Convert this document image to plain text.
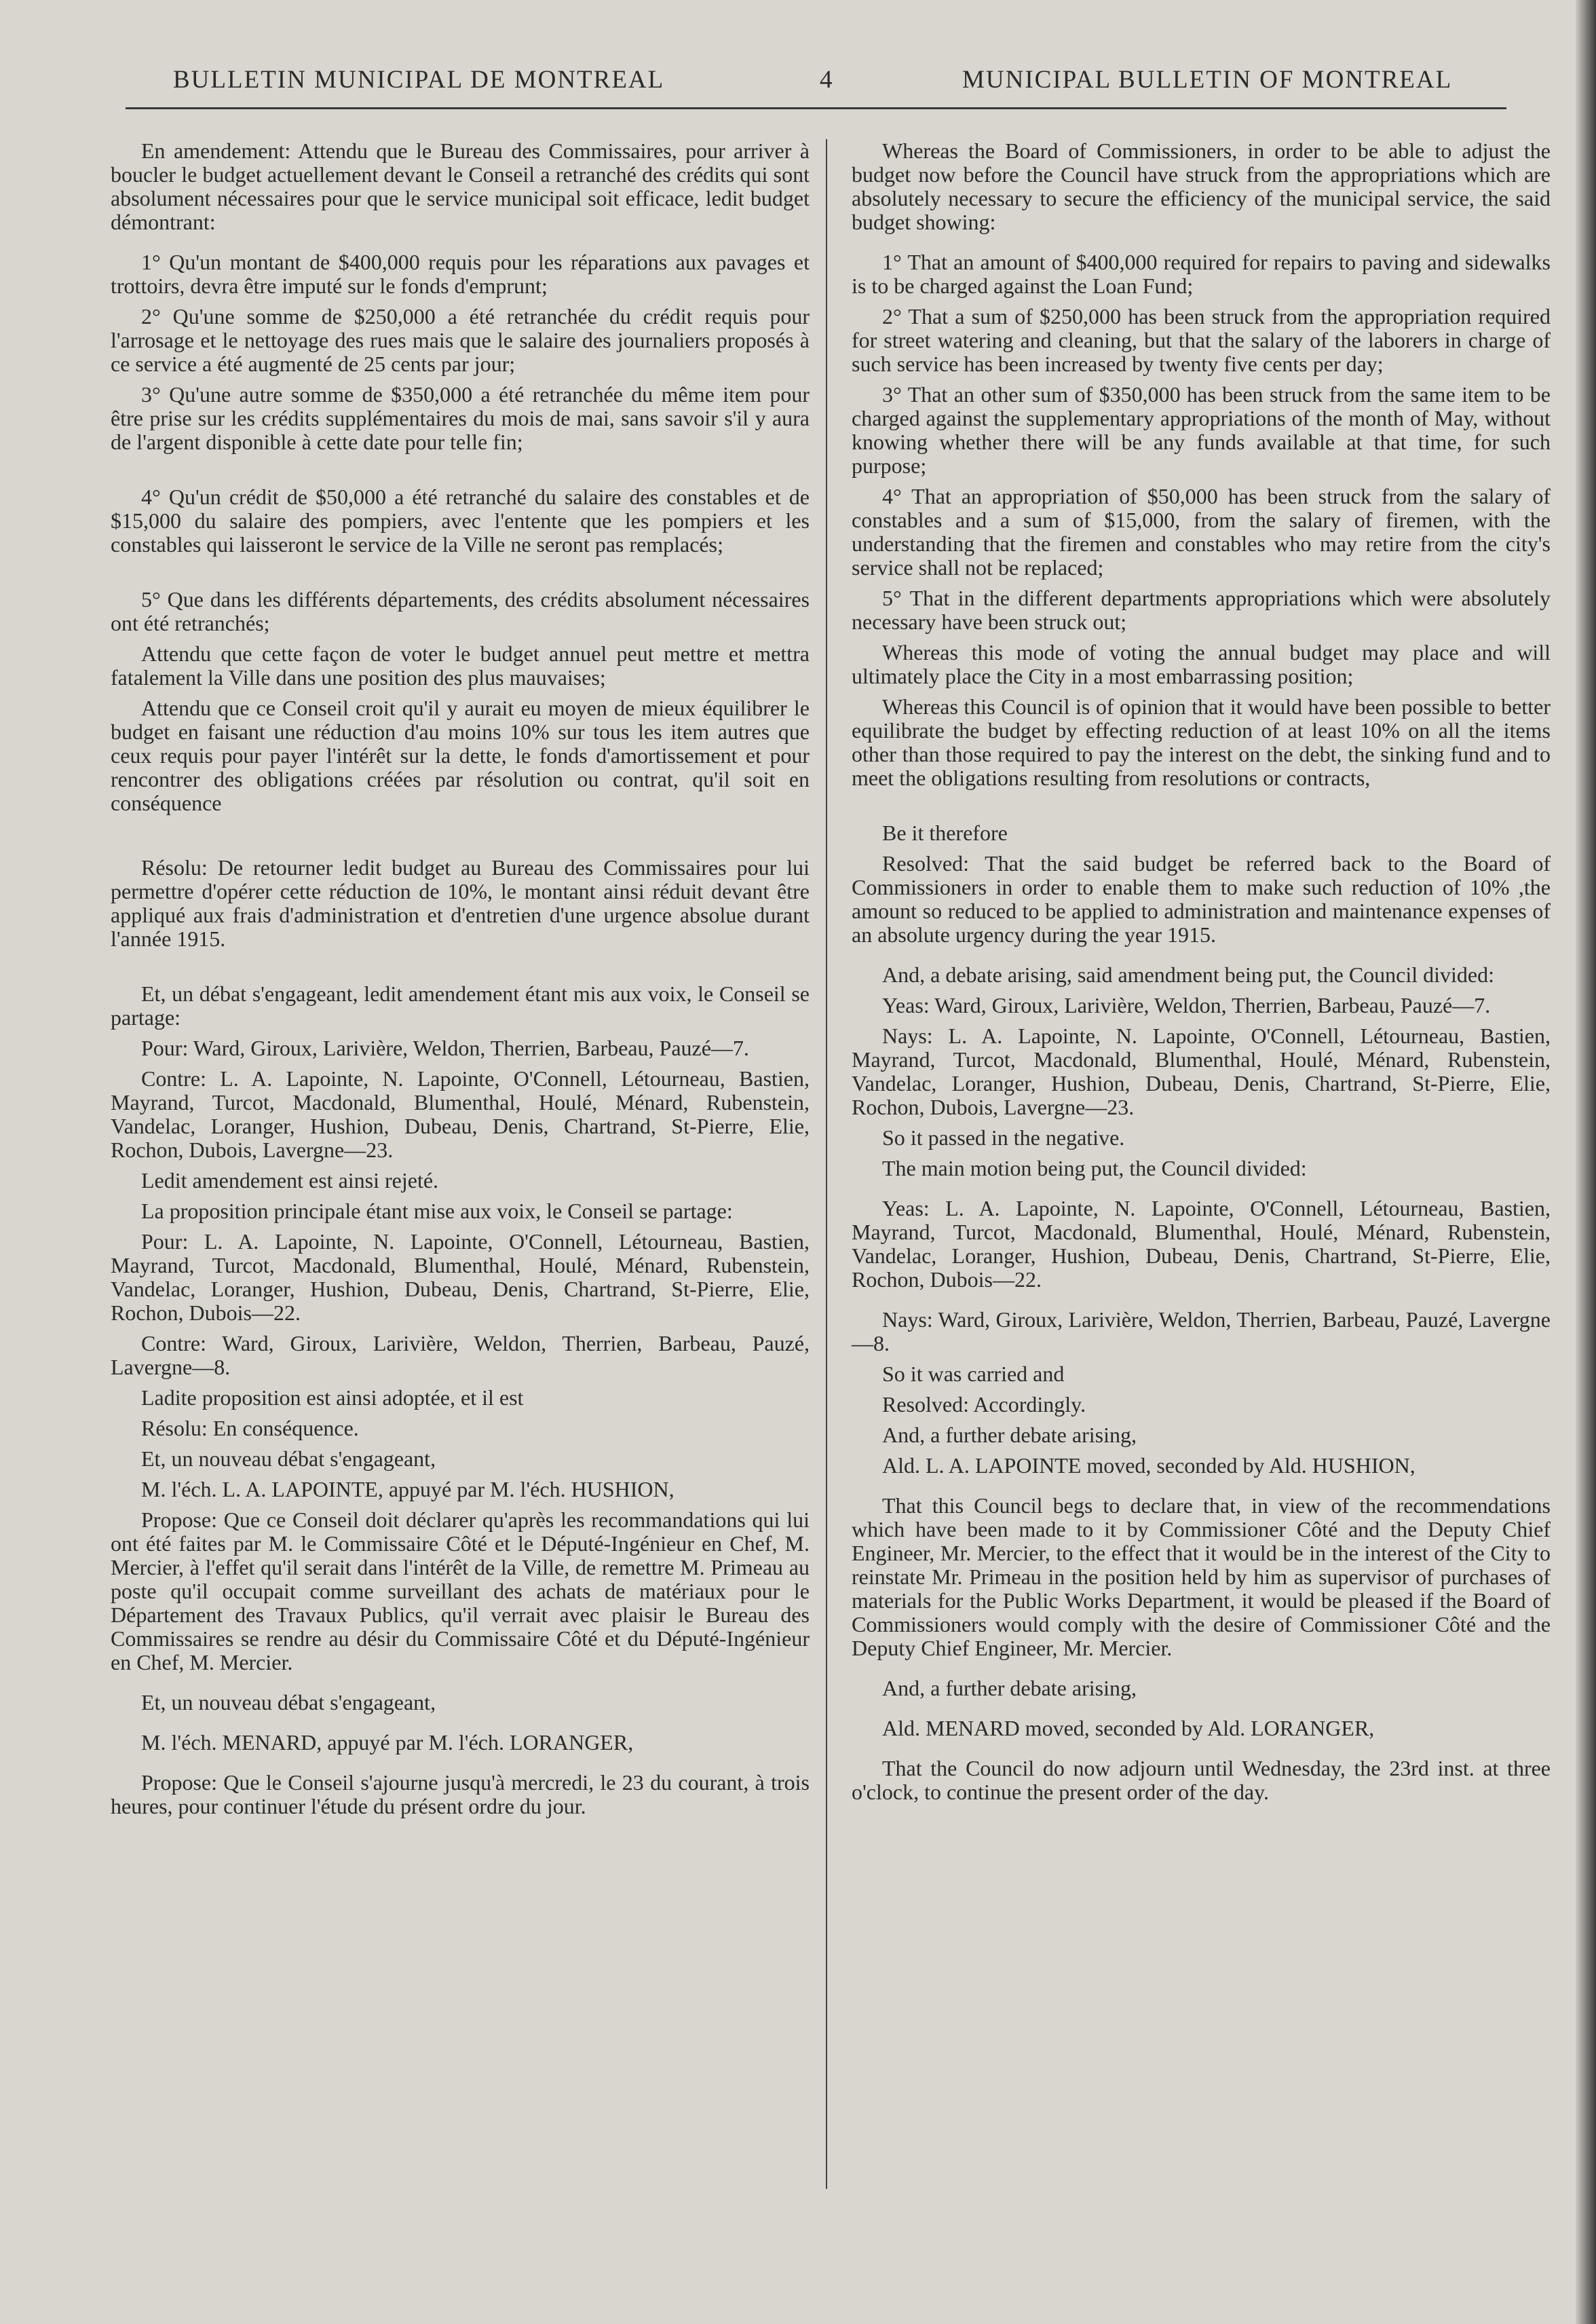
BULLETIN MUNICIPAL DE MONTREAL	4	MUNICIPAL BULLETIN OF MONTREAL

En amendement: Attendu que le Bureau des Commissaires, pour arriver à boucler le budget actuellement devant le Conseil a retranché des crédits qui sont absolument nécessaires pour que le service municipal soit efficace, ledit budget démontrant:

1° Qu'un montant de $400,000 requis pour les réparations aux pavages et trottoirs, devra être imputé sur le fonds d'emprunt;

2° Qu'une somme de $250,000 a été retranchée du crédit requis pour l'arrosage et le nettoyage des rues mais que le salaire des journaliers proposés à ce service a été augmenté de 25 cents par jour;

3° Qu'une autre somme de $350,000 a été retranchée du même item pour être prise sur les crédits supplémentaires du mois de mai, sans savoir s'il y aura de l'argent disponible à cette date pour telle fin;

4° Qu'un crédit de $50,000 a été retranché du salaire des constables et de $15,000 du salaire des pompiers, avec l'entente que les pompiers et les constables qui laisseront le service de la Ville ne seront pas remplacés;

5° Que dans les différents départements, des crédits absolument nécessaires ont été retranchés;

Attendu que cette façon de voter le budget annuel peut mettre et mettra fatalement la Ville dans une position des plus mauvaises;

Attendu que ce Conseil croit qu'il y aurait eu moyen de mieux équilibrer le budget en faisant une réduction d'au moins 10% sur tous les item autres que ceux requis pour payer l'intérêt sur la dette, le fonds d'amortissement et pour rencontrer des obligations créées par résolution ou contrat, qu'il soit en conséquence

Résolu: De retourner ledit budget au Bureau des Commissaires pour lui permettre d'opérer cette réduction de 10%, le montant ainsi réduit devant être appliqué aux frais d'administration et d'entretien d'une urgence absolue durant l'année 1915.

Et, un débat s'engageant, ledit amendement étant mis aux voix, le Conseil se partage:

Pour: Ward, Giroux, Larivière, Weldon, Therrien, Barbeau, Pauzé—7.

Contre: L. A. Lapointe, N. Lapointe, O'Connell, Létourneau, Bastien, Mayrand, Turcot, Macdonald, Blumenthal, Houlé, Ménard, Rubenstein, Vandelac, Loranger, Hushion, Dubeau, Denis, Chartrand, St-Pierre, Elie, Rochon, Dubois, Lavergne—23.

Ledit amendement est ainsi rejeté.

La proposition principale étant mise aux voix, le Conseil se partage:

Pour: L. A. Lapointe, N. Lapointe, O'Connell, Létourneau, Bastien, Mayrand, Turcot, Macdonald, Blumenthal, Houlé, Ménard, Rubenstein, Vandelac, Loranger, Hushion, Dubeau, Denis, Chartrand, St-Pierre, Elie, Rochon, Dubois—22.

Contre: Ward, Giroux, Larivière, Weldon, Therrien, Barbeau, Pauzé, Lavergne—8.

Ladite proposition est ainsi adoptée, et il est

Résolu: En conséquence.

Et, un nouveau débat s'engageant,

M. l'éch. L. A. LAPOINTE, appuyé par M. l'éch. HUSHION,

Propose: Que ce Conseil doit déclarer qu'après les recommandations qui lui ont été faites par M. le Commissaire Côté et le Député-Ingénieur en Chef, M. Mercier, à l'effet qu'il serait dans l'intérêt de la Ville, de remettre M. Primeau au poste qu'il occupait comme surveillant des achats de matériaux pour le Département des Travaux Publics, qu'il verrait avec plaisir le Bureau des Commissaires se rendre au désir du Commissaire Côté et du Député-Ingénieur en Chef, M. Mercier.

Et, un nouveau débat s'engageant,

M. l'éch. MENARD, appuyé par M. l'éch. LORANGER,

Propose: Que le Conseil s'ajourne jusqu'à mercredi, le 23 du courant, à trois heures, pour continuer l'étude du présent ordre du jour.

Whereas the Board of Commissioners, in order to be able to adjust the budget now before the Council have struck from the appropriations which are absolutely necessary to secure the efficiency of the municipal service, the said budget showing:

1° That an amount of $400,000 required for repairs to paving and sidewalks is to be charged against the Loan Fund;

2° That a sum of $250,000 has been struck from the appropriation required for street watering and cleaning, but that the salary of the laborers in charge of such service has been increased by twenty five cents per day;

3° That an other sum of $350,000 has been struck from the same item to be charged against the supplementary appropriations of the month of May, without knowing whether there will be any funds available at that time, for such purpose;

4° That an appropriation of $50,000 has been struck from the salary of constables and a sum of $15,000, from the salary of firemen, with the understanding that the firemen and constables who may retire from the city's service shall not be replaced;

5° That in the different departments appropriations which were absolutely necessary have been struck out;

Whereas this mode of voting the annual budget may place and will ultimately place the City in a most embarrassing position;

Whereas this Council is of opinion that it would have been possible to better equilibrate the budget by effecting reduction of at least 10% on all the items other than those required to pay the interest on the debt, the sinking fund and to meet the obligations resulting from resolutions or contracts,

Be it therefore

Resolved: That the said budget be referred back to the Board of Commissioners in order to enable them to make such reduction of 10% ,the amount so reduced to be applied to administration and maintenance expenses of an absolute urgency during the year 1915.

And, a debate arising, said amendment being put, the Council divided:

Yeas: Ward, Giroux, Larivière, Weldon, Therrien, Barbeau, Pauzé—7.

Nays: L. A. Lapointe, N. Lapointe, O'Connell, Létourneau, Bastien, Mayrand, Turcot, Macdonald, Blumenthal, Houlé, Ménard, Rubenstein, Vandelac, Loranger, Hushion, Dubeau, Denis, Chartrand, St-Pierre, Elie, Rochon, Dubois, Lavergne—23.

So it passed in the negative.

The main motion being put, the Council divided:

Yeas: L. A. Lapointe, N. Lapointe, O'Connell, Létourneau, Bastien, Mayrand, Turcot, Macdonald, Blumenthal, Houlé, Ménard, Rubenstein, Vandelac, Loranger, Hushion, Dubeau, Denis, Chartrand, St-Pierre, Elie, Rochon, Dubois—22.

Nays: Ward, Giroux, Larivière, Weldon, Therrien, Barbeau, Pauzé, Lavergne—8.

So it was carried and

Resolved: Accordingly.

And, a further debate arising,

Ald. L. A. LAPOINTE moved, seconded by Ald. HUSHION,

That this Council begs to declare that, in view of the recommendations which have been made to it by Commissioner Côté and the Deputy Chief Engineer, Mr. Mercier, to the effect that it would be in the interest of the City to reinstate Mr. Primeau in the position held by him as supervisor of purchases of materials for the Public Works Department, it would be pleased if the Board of Commissioners would comply with the desire of Commissioner Côté and the Deputy Chief Engineer, Mr. Mercier.

And, a further debate arising,

Ald. MENARD moved, seconded by Ald. LORANGER,

That the Council do now adjourn until Wednesday, the 23rd inst. at three o'clock, to continue the present order of the day.
